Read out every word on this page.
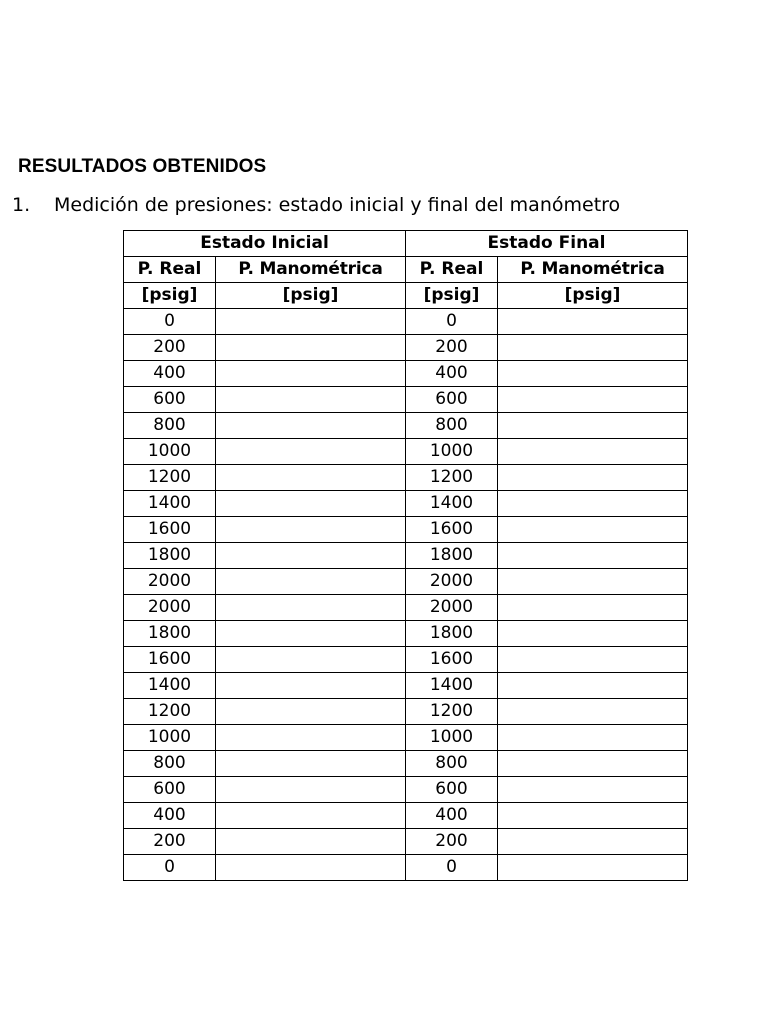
RESULTADOS OBTENIDOS
1. Medición de presiones: estado inicial y final del manómetro
Estado Inicial		Estado Final	
P. Real	P. Manométrica	P. Real	P. Manométrica
[psig]	[psig]	[psig]	[psig]
0		0	
200		200	
400		400	
600		600	
800		800	
1000		1000	
1200		1200	
1400		1400	
1600		1600	
1800		1800	
2000		2000	
2000		2000	
1800		1800	
1600		1600	
1400		1400	
1200		1200	
1000		1000	
800		800	
600		600	
400		400	
200		200	
0		0	
